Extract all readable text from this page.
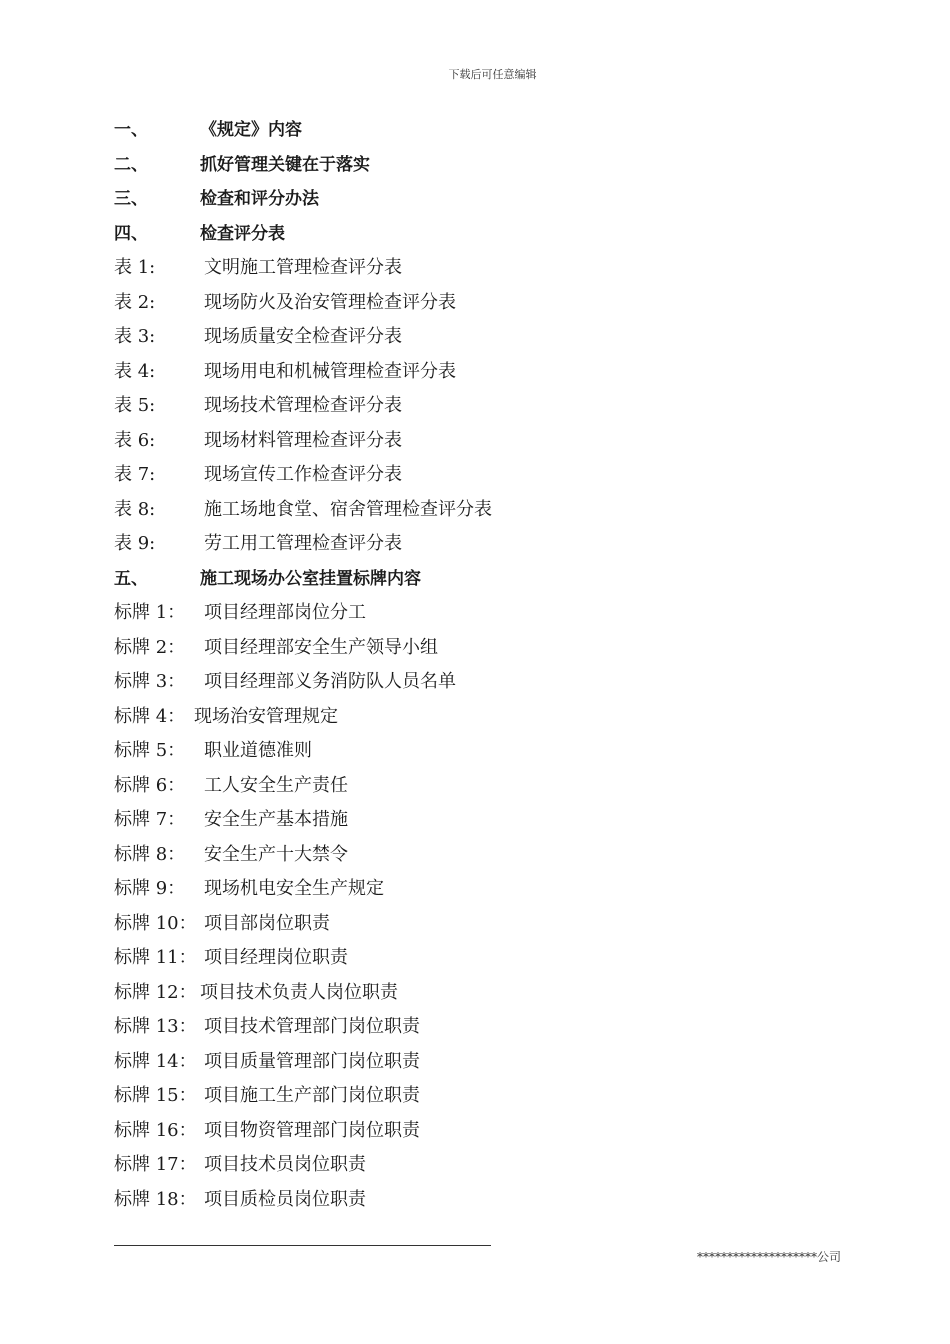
下载后可任意编辑
一、	《规定》内容
二、	抓好管理关键在于落实
三、	检查和评分办法
四、	检查评分表
表 1:	文明施工管理检查评分表
表 2:	现场防火及治安管理检查评分表
表 3:	现场质量安全检查评分表
表 4:	现场用电和机械管理检查评分表
表 5:	现场技术管理检查评分表
表 6:	现场材料管理检查评分表
表 7:	现场宣传工作检查评分表
表 8:	施工场地食堂、宿舍管理检查评分表
表 9:	劳工用工管理检查评分表
五、	施工现场办公室挂置标牌内容
标牌 1： 项目经理部岗位分工
标牌 2： 项目经理部安全生产领导小组
标牌 3： 项目经理部义务消防队人员名单
标牌 4： 现场治安管理规定
标牌 5： 职业道德准则
标牌 6： 工人安全生产责任
标牌 7： 安全生产基本措施
标牌 8： 安全生产十大禁令
标牌 9： 现场机电安全生产规定
标牌 10： 项目部岗位职责
标牌 11： 项目经理岗位职责
标牌 12： 项目技术负责人岗位职责
标牌 13： 项目技术管理部门岗位职责
标牌 14： 项目质量管理部门岗位职责
标牌 15： 项目施工生产部门岗位职责
标牌 16： 项目物资管理部门岗位职责
标牌 17： 项目技术员岗位职责
标牌 18： 项目质检员岗位职责
********************公司
